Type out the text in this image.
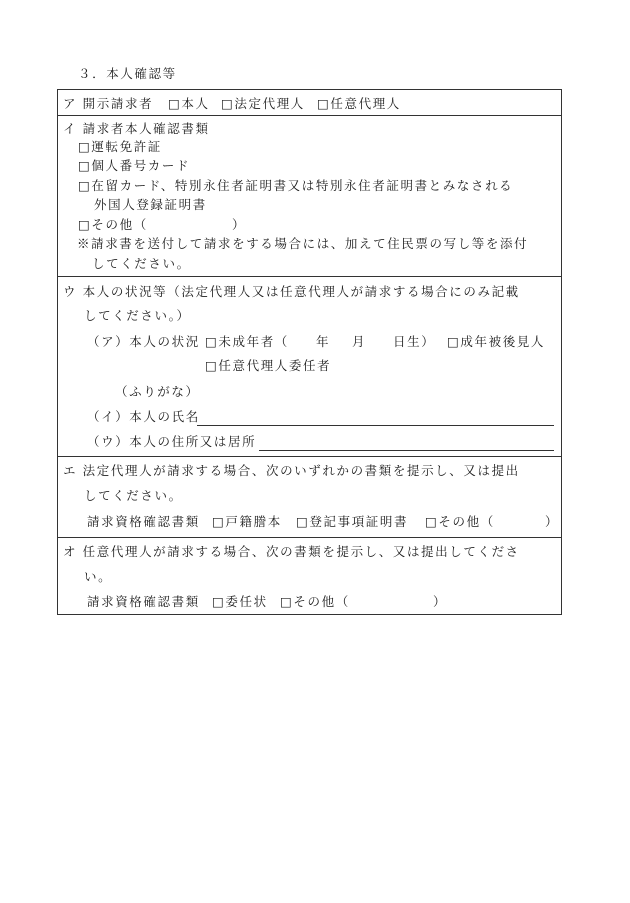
３．本人確認等
ア 開示請求者 □本人 □法定代理人 □任意代理人
イ 請求者本人確認書類
□運転免許証
□個人番号カード
□在留カード、特別永住者証明書又は特別永住者証明書とみなされる
外国人登録証明書
□その他（	）
※請求書を送付して請求をする場合には、加えて住民票の写し等を添付
してください。
ウ 本人の状況等（法定代理人又は任意代理人が請求する場合にのみ記載
してください。）
（ア）本人の状況 □未成年者（ 年 月 日生） □成年被後見人
□任意代理人委任者
（ふりがな）
（イ）本人の氏名
（ウ）本人の住所又は居所
エ 法定代理人が請求する場合、次のいずれかの書類を提示し、又は提出
してください。
請求資格確認書類 □戸籍謄本 □登記事項証明書 □その他（	）
オ 任意代理人が請求する場合、次の書類を提示し、又は提出してくださ
い。
請求資格確認書類 □委任状 □その他（	）
